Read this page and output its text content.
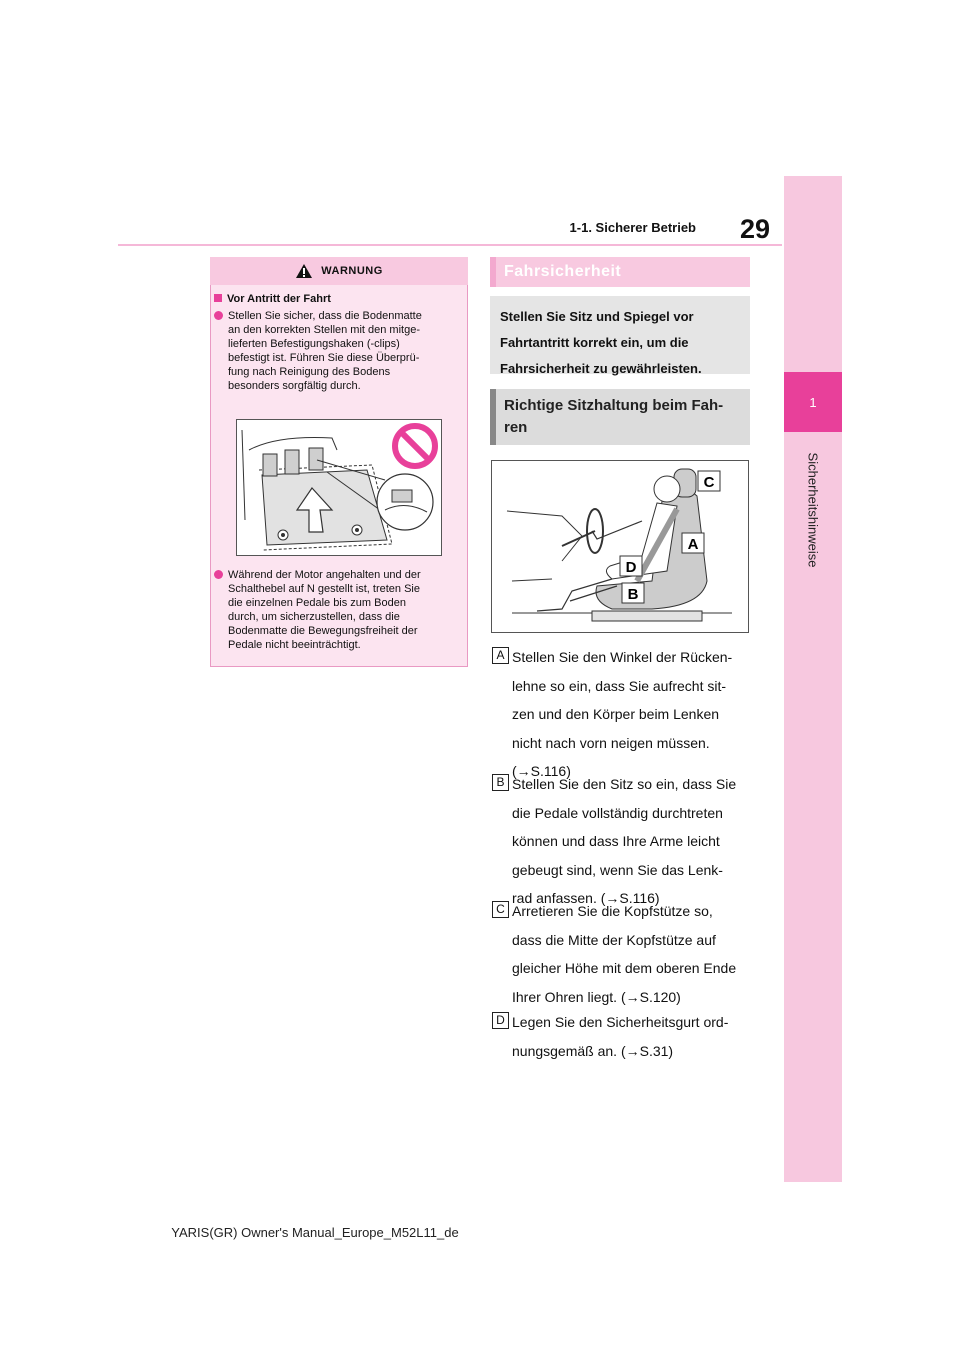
29
1-1. Sicherer Betrieb
1
Sicherheitshinweise
WARNUNG
Vor Antritt der Fahrt

Stellen Sie sicher, dass die Bodenmatte
an den korrekten Stellen mit den mitge-
lieferten Befestigungshaken (-clips)
befestigt ist. Führen Sie diese Überprü-
fung nach Reinigung des Bodens
besonders sorgfältig durch.

Während der Motor angehalten und der
Schalthebel auf N gestellt ist, treten Sie
die einzelnen Pedale bis zum Boden
durch, um sicherzustellen, dass die
Bodenmatte die Bewegungsfreiheit der
Pedale nicht beeinträchtigt.

Fahrsicherheit
Stellen Sie Sitz und Spiegel vor
Fahrtantritt korrekt ein, um die
Fahrsicherheit zu gewährleisten.
Richtige Sitzhaltung beim Fah-
ren
C
A
D
B
A Stellen Sie den Winkel der Rücken-
lehne so ein, dass Sie aufrecht sit-
zen und den Körper beim Lenken
nicht nach vorn neigen müssen.
(→S.116)
B Stellen Sie den Sitz so ein, dass Sie
die Pedale vollständig durchtreten
können und dass Ihre Arme leicht
gebeugt sind, wenn Sie das Lenk-
rad anfassen. (→S.116)
C Arretieren Sie die Kopfstütze so,
dass die Mitte der Kopfstütze auf
gleicher Höhe mit dem oberen Ende
Ihrer Ohren liegt. (→S.120)
D Legen Sie den Sicherheitsgurt ord-
nungsgemäß an. (→S.31)
YARIS(GR) Owner's Manual_Europe_M52L11_de
